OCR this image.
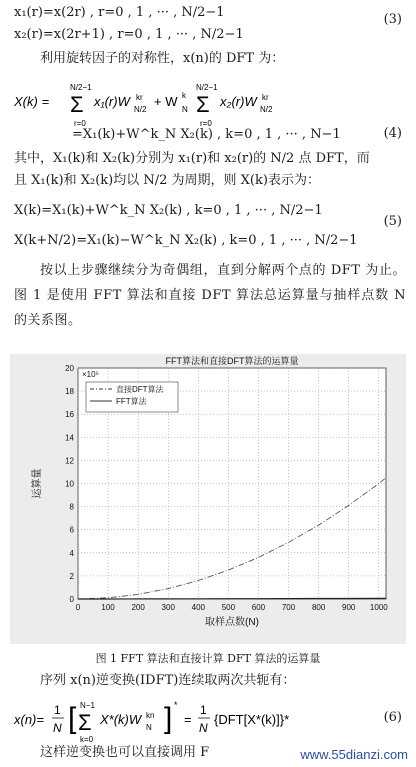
x₁(r)=x(2r) , r=0 , 1 , ··· , N/2−1	(3)
x₂(r)=x(2r+1) , r=0 , 1 , ··· , N/2−1
利用旋转因子的对称性，x(n)的 DFT 为：
X(k) =
N/2−1
Σ
r=0
x₁(r)W kr
N/2
+ W k
N
N/2−1
Σ
r=0
x₂(r)W kr
N/2
=X₁(k)+W^k_N X₂(k) , k=0 , 1 , ··· , N−1	(4)
其中，X₁(k)和 X₂(k)分别为 x₁(r)和 x₂(r)的 N/2 点 DFT，而
且 X₁(k)和 X₂(k)均以 N/2 为周期，则 X(k)表示为：
X(k)=X₁(k)+W^k_N X₂(k) , k=0 , 1 , ··· , N/2−1
(5)
X(k+N/2)=X₁(k)−W^k_N X₂(k) , k=0 , 1 , ··· , N/2−1
按以上步骤继续分为奇偶组，直到分解两个点的 DFT 为止。图 1 是使用 FFT 算法和直接 DFT 算法总运算量与抽样点数 N 的关系图。
FFT算法和直接DFT算法的运算量
0	100 200 300 400 500 600 700 800 900 1000
0
2
4
6
8
10
12
14
16
18
20
×10⁵
取样点数(N)
运算量
直接DFT算法
FFT算法
图 1 FFT 算法和直接计算 DFT 算法的运算量
序列 x(n)逆变换(IDFT)连续取两次共轭有：
x(n)=
1
N [ N−1
Σ
k=0
X*(k)W kn
N ] *
=
1
N
{DFT[X*(k)]}*	(6)
这样逆变换也可以直接调用 F	www.55dianzi.com
